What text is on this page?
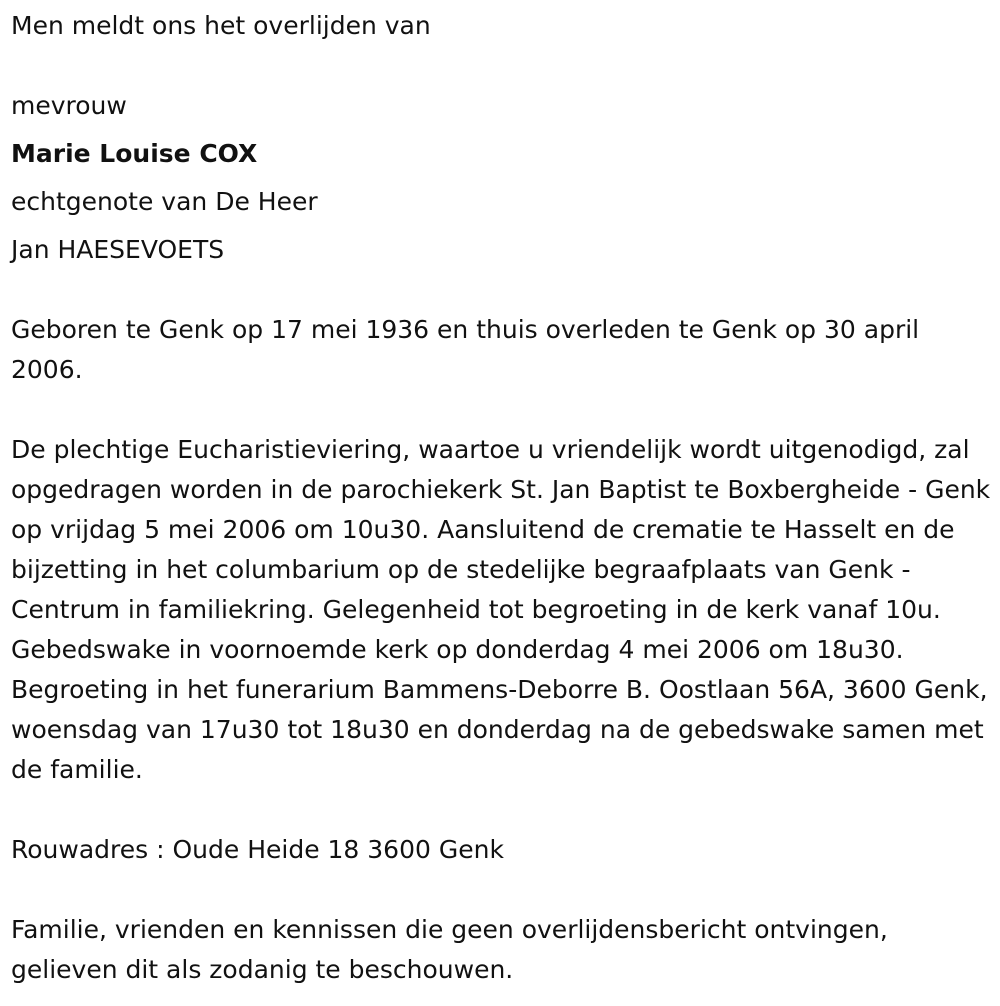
Men meldt ons het overlijden van
mevrouw
Marie Louise COX
echtgenote van De Heer
Jan HAESEVOETS

Geboren te Genk op 17 mei 1936 en thuis overleden te Genk op 30 april 2006.

De plechtige Eucharistieviering, waartoe u vriendelijk wordt uitgenodigd, zal opgedragen worden in de parochiekerk St. Jan Baptist te Boxbergheide - Genk op vrijdag 5 mei 2006 om 10u30. Aansluitend de crematie te Hasselt en de bijzetting in het columbarium op de stedelijke begraafplaats van Genk - Centrum in familiekring. Gelegenheid tot begroeting in de kerk vanaf 10u. Gebedswake in voornoemde kerk op donderdag 4 mei 2006 om 18u30. Begroeting in het funerarium Bammens-Deborre B. Oostlaan 56A, 3600 Genk, woensdag van 17u30 tot 18u30 en donderdag na de gebedswake samen met de familie.

Rouwadres : Oude Heide 18 3600 Genk

Familie, vrienden en kennissen die geen overlijdensbericht ontvingen, gelieven dit als zodanig te beschouwen.
